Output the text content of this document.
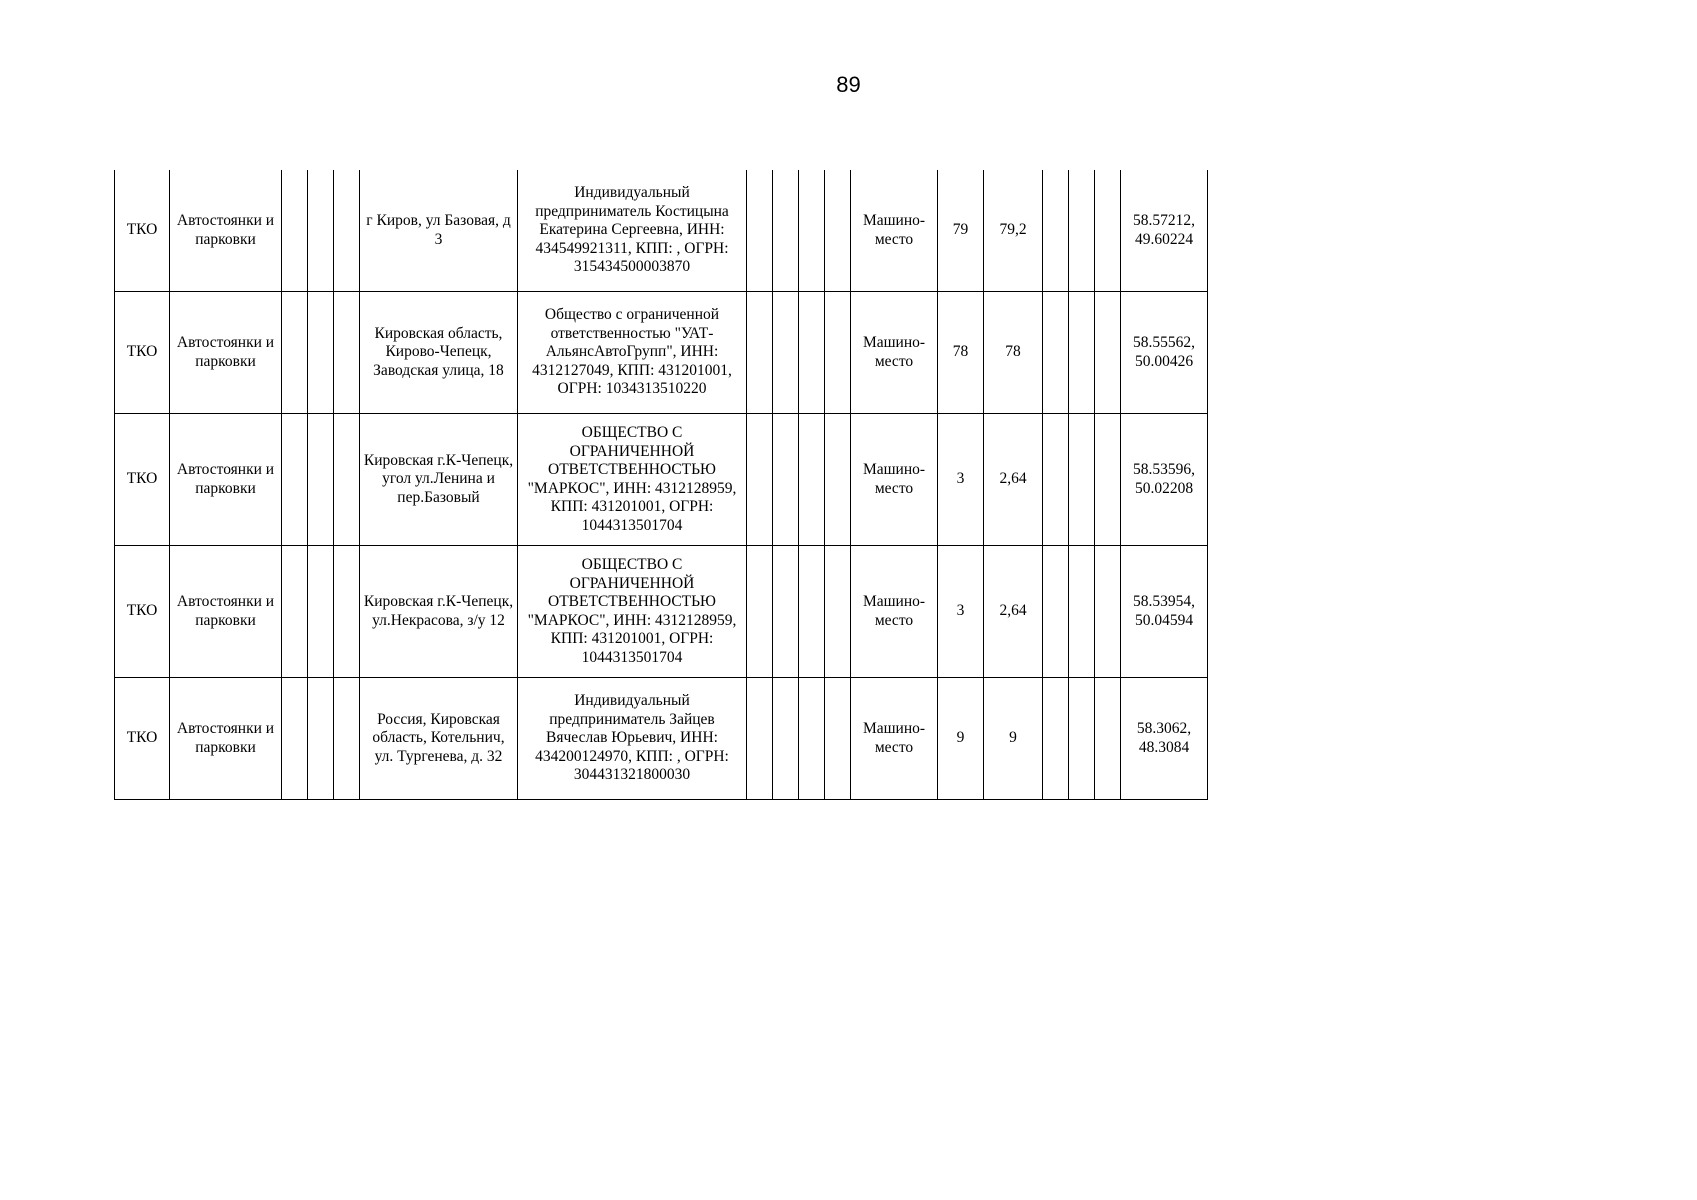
89
ТКО	Автостоянки и парковки				г Киров, ул Базовая, д 3	Индивидуальный предприниматель Костицына Екатерина Сергеевна, ИНН: 434549921311, КПП: , ОГРН: 315434500003870					Машино-место	79	79,2				58.57212, 49.60224
ТКО	Автостоянки и парковки				Кировская область, Кирово-Чепецк, Заводская улица, 18	Общество с ограниченной ответственностью "УАТ-АльянсАвтоГрупп", ИНН: 4312127049, КПП: 431201001, ОГРН: 1034313510220					Машино-место	78	78				58.55562, 50.00426
ТКО	Автостоянки и парковки				Кировская г.К-Чепецк, угол ул.Ленина и пер.Базовый	ОБЩЕСТВО С ОГРАНИЧЕННОЙ ОТВЕТСТВЕННОСТЬЮ "МАРКОС", ИНН: 4312128959, КПП: 431201001, ОГРН: 1044313501704					Машино-место	3	2,64				58.53596, 50.02208
ТКО	Автостоянки и парковки				Кировская г.К-Чепецк, ул.Некрасова, з/у 12	ОБЩЕСТВО С ОГРАНИЧЕННОЙ ОТВЕТСТВЕННОСТЬЮ "МАРКОС", ИНН: 4312128959, КПП: 431201001, ОГРН: 1044313501704					Машино-место	3	2,64				58.53954, 50.04594
ТКО	Автостоянки и парковки				Россия, Кировская область, Котельнич, ул. Тургенева, д. 32	Индивидуальный предприниматель Зайцев Вячеслав Юрьевич, ИНН: 434200124970, КПП: , ОГРН: 304431321800030					Машино-место	9	9				58.3062, 48.3084
